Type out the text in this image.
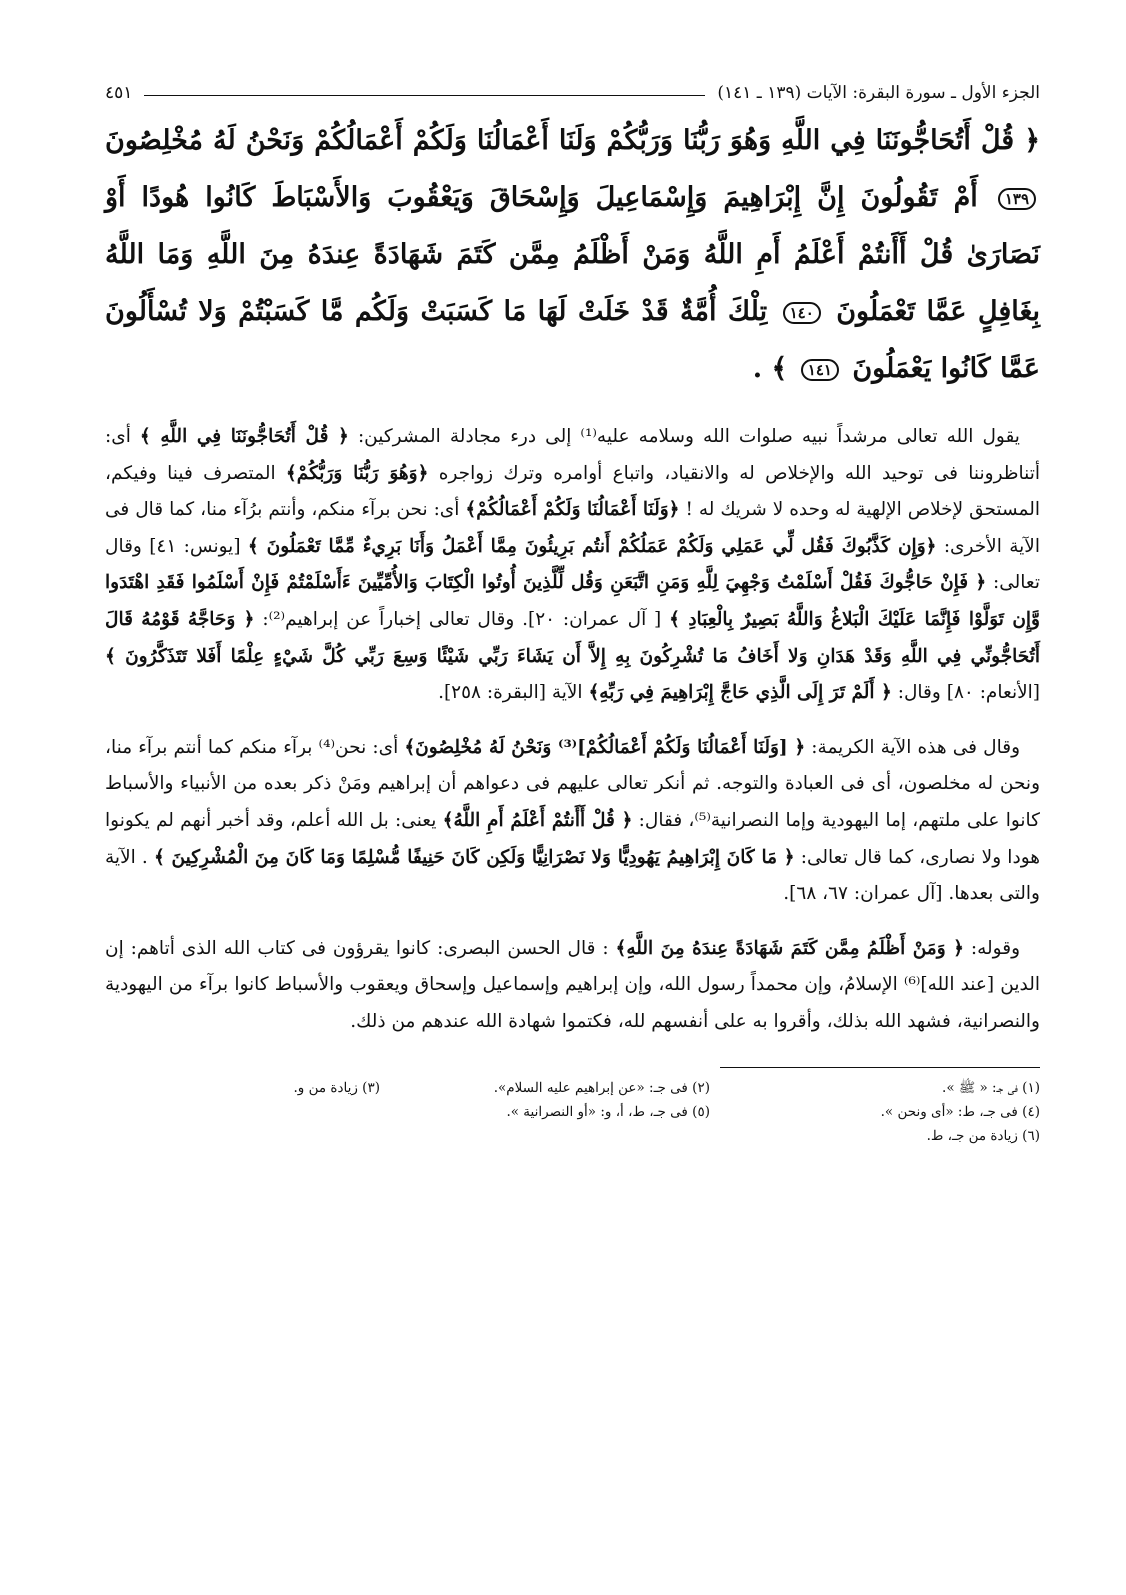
الجزء الأول ـ سورة البقرة: الآيات (١٣٩ ـ ١٤١)
٤٥١
﴿ قُلْ أَتُحَاجُّونَنَا فِي اللَّهِ وَهُوَ رَبُّنَا وَرَبُّكُمْ وَلَنَا أَعْمَالُنَا وَلَكُمْ أَعْمَالُكُمْ وَنَحْنُ لَهُ مُخْلِصُونَ ١٣٩ أَمْ تَقُولُونَ إِنَّ إِبْرَاهِيمَ وَإِسْمَاعِيلَ وَإِسْحَاقَ وَيَعْقُوبَ وَالأَسْبَاطَ كَانُوا هُودًا أَوْ نَصَارَىٰ قُلْ أَأَنتُمْ أَعْلَمُ أَمِ اللَّهُ وَمَنْ أَظْلَمُ مِمَّن كَتَمَ شَهَادَةً عِندَهُ مِنَ اللَّهِ وَمَا اللَّهُ بِغَافِلٍ عَمَّا تَعْمَلُونَ ١٤٠ تِلْكَ أُمَّةٌ قَدْ خَلَتْ لَهَا مَا كَسَبَتْ وَلَكُم مَّا كَسَبْتُمْ وَلا تُسْأَلُونَ عَمَّا كَانُوا يَعْمَلُونَ ١٤١ ﴾ .

يقول الله تعالى مرشداً نبيه صلوات الله وسلامه عليه⁽¹⁾ إلى درء مجادلة المشركين: ﴿ قُلْ أَتُحَاجُّونَنَا فِي اللَّهِ ﴾ أى: أتناظروننا فى توحيد الله والإخلاص له والانقياد، واتباع أوامره وترك زواجره ﴿وَهُوَ رَبُّنَا وَرَبُّكُمْ﴾ المتصرف فينا وفيكم، المستحق لإخلاص الإلهية له وحده لا شريك له ! ﴿وَلَنَا أَعْمَالُنَا وَلَكُمْ أَعْمَالُكُمْ﴾ أى: نحن برآء منكم، وأنتم برُآء منا، كما قال فى الآية الأخرى: ﴿وَإِن كَذَّبُوكَ فَقُل لِّي عَمَلِي وَلَكُمْ عَمَلُكُمْ أَنتُم بَرِيئُونَ مِمَّا أَعْمَلُ وَأَنَا بَرِيءٌ مِّمَّا تَعْمَلُونَ ﴾ [يونس: ٤١] وقال تعالى: ﴿ فَإِنْ حَاجُّوكَ فَقُلْ أَسْلَمْتُ وَجْهِيَ لِلَّهِ وَمَنِ اتَّبَعَنِ وَقُل لِّلَّذِينَ أُوتُوا الْكِتَابَ وَالأُمِّيِّينَ ءَأَسْلَمْتُمْ فَإِنْ أَسْلَمُوا فَقَدِ اهْتَدَوا وَّإِن تَوَلَّوْا فَإِنَّمَا عَلَيْكَ الْبَلاغُ وَاللَّهُ بَصِيرٌ بِالْعِبَادِ ﴾ [ آل عمران: ٢٠]. وقال تعالى إخباراً عن إبراهيم⁽²⁾: ﴿ وَحَاجَّهُ قَوْمُهُ قَالَ أَتُحَاجُّونِّي فِي اللَّهِ وَقَدْ هَدَانِ وَلا أَخَافُ مَا تُشْرِكُونَ بِهِ إِلاَّ أَن يَشَاءَ رَبِّي شَيْئًا وَسِعَ رَبِّي كُلَّ شَيْءٍ عِلْمًا أَفَلا تَتَذَكَّرُونَ ﴾ [الأنعام: ٨٠] وقال: ﴿ أَلَمْ تَرَ إِلَى الَّذِي حَاجَّ إِبْرَاهِيمَ فِي رَبِّهِ﴾ الآية [البقرة: ٢٥٨].

وقال فى هذه الآية الكريمة: ﴿ [وَلَنَا أَعْمَالُنَا وَلَكُمْ أَعْمَالُكُمْ]⁽³⁾ وَنَحْنُ لَهُ مُخْلِصُونَ﴾ أى: نحن⁽⁴⁾ برآء منكم كما أنتم برآء منا، ونحن له مخلصون، أى فى العبادة والتوجه. ثم أنكر تعالى عليهم فى دعواهم أن إبراهيم ومَنْ ذكر بعده من الأنبياء والأسباط كانوا على ملتهم، إما اليهودية وإما النصرانية⁽⁵⁾، فقال: ﴿ قُلْ أَأَنتُمْ أَعْلَمُ أَمِ اللَّهُ﴾ يعنى: بل الله أعلم، وقد أخبر أنهم لم يكونوا هودا ولا نصارى، كما قال تعالى: ﴿ مَا كَانَ إِبْرَاهِيمُ يَهُودِيًّا وَلا نَصْرَانِيًّا وَلَكِن كَانَ حَنِيفًا مُّسْلِمًا وَمَا كَانَ مِنَ الْمُشْرِكِينَ ﴾ . الآية والتى بعدها. [آل عمران: ٦٧، ٦٨].

وقوله: ﴿ وَمَنْ أَظْلَمُ مِمَّن كَتَمَ شَهَادَةً عِندَهُ مِنَ اللَّهِ﴾ : قال الحسن البصرى: كانوا يقرؤون فى كتاب الله الذى أتاهم: إن الدين [عند الله]⁽⁶⁾ الإسلامُ، وإن محمداً رسول الله، وإن إبراهيم وإسماعيل وإسحاق ويعقوب والأسباط كانوا برآء من اليهودية والنصرانية، فشهد الله بذلك، وأقروا به على أنفسهم لله، فكتموا شهادة الله عندهم من ذلك.

(١) فى جـ: « ﷺ ».
(٢) فى جـ: «عن إبراهيم عليه السلام».
(٣) زيادة من و.
(٤) فى جـ، ط: «أى ونحن ».
(٥) فى جـ، ط، أ، و: «أو النصرانية ».
(٦) زيادة من جـ، ط.
